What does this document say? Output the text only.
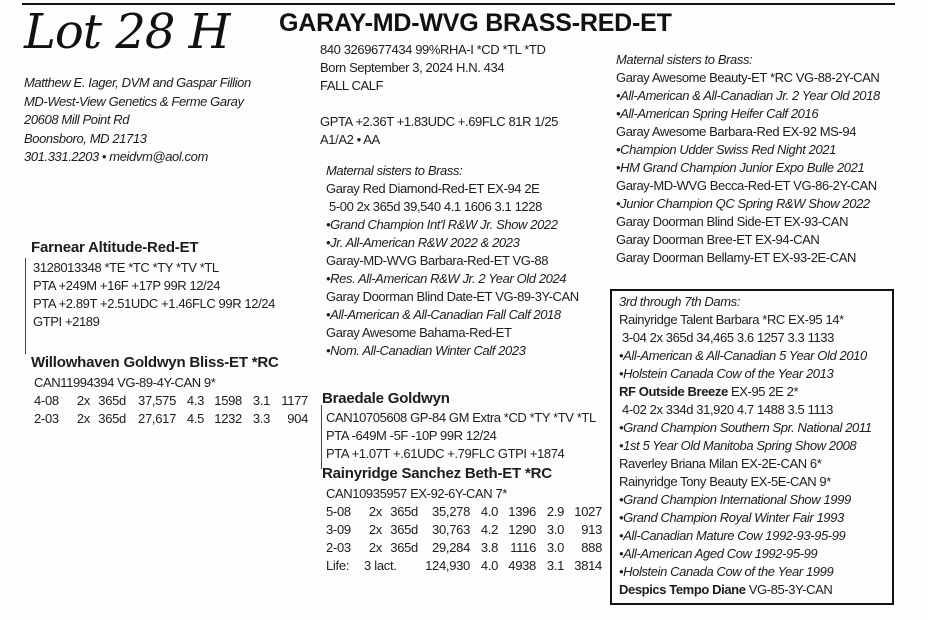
Lot 28 H GARAY-MD-WVG BRASS-RED-ET
Matthew E. Iager, DVM and Gaspar Fillion
MD-West-View Genetics & Ferme Garay
20608 Mill Point Rd
Boonsboro, MD 21713
301.331.2203 • meidvm@aol.com
840 3269677434 99%RHA-I *CD *TL *TD
Born September 3, 2024 H.N. 434
FALL CALF
GPTA +2.36T +1.83UDC +.69FLC 81R 1/25
A1/A2 • AA
Farnear Altitude-Red-ET
3128013348 *TE *TC *TY *TV *TL
PTA +249M +16F +17P 99R 12/24
PTA +2.89T +2.51UDC +1.46FLC 99R 12/24
GTPI +2189
Willowhaven Goldwyn Bliss-ET *RC
CAN11994394 VG-89-4Y-CAN 9*
4-08	2x	365d	37,575	4.3	1598	3.1	1177
2-03	2x	365d	27,617	4.5	1232	3.3	904
Maternal sisters to Brass:
Garay Red Diamond-Red-ET EX-94 2E
5-00 2x 365d 39,540 4.1 1606 3.1 1228
•Grand Champion Int'l R&W Jr. Show 2022
•Jr. All-American R&W 2022 & 2023
Garay-MD-WVG Barbara-Red-ET VG-88
•Res. All-American R&W Jr. 2 Year Old 2024
Garay Doorman Blind Date-ET VG-89-3Y-CAN
•All-American & All-Canadian Fall Calf 2018
Garay Awesome Bahama-Red-ET
•Nom. All-Canadian Winter Calf 2023
Maternal sisters to Brass:
Garay Awesome Beauty-ET *RC VG-88-2Y-CAN
•All-American & All-Canadian Jr. 2 Year Old 2018
•All-American Spring Heifer Calf 2016
Garay Awesome Barbara-Red EX-92 MS-94
•Champion Udder Swiss Red Night 2021
•HM Grand Champion Junior Expo Bulle 2021
Garay-MD-WVG Becca-Red-ET VG-86-2Y-CAN
•Junior Champion QC Spring R&W Show 2022
Garay Doorman Blind Side-ET EX-93-CAN
Garay Doorman Bree-ET EX-94-CAN
Garay Doorman Bellamy-ET EX-93-2E-CAN
Braedale Goldwyn
CAN10705608 GP-84 GM Extra *CD *TY *TV *TL
PTA -649M -5F -10P 99R 12/24
PTA +1.07T +.61UDC +.79FLC GTPI +1874
Rainyridge Sanchez Beth-ET *RC
CAN10935957 EX-92-6Y-CAN 7*
5-08	2x	365d	35,278	4.0	1396	2.9	1027
3-09	2x	365d	30,763	4.2	1290	3.0	913
2-03	2x	365d	29,284	3.8	1116	3.0	888
Life:	3 lact.		124,930	4.0	4938	3.1	3814
3rd through 7th Dams:
Rainyridge Talent Barbara *RC EX-95 14*
3-04 2x 365d 34,465 3.6 1257 3.3 1133
•All-American & All-Canadian 5 Year Old 2010
•Holstein Canada Cow of the Year 2013
RF Outside Breeze EX-95 2E 2*
4-02 2x 334d 31,920 4.7 1488 3.5 1113
•Grand Champion Southern Spr. National 2011
•1st 5 Year Old Manitoba Spring Show 2008
Raverley Briana Milan EX-2E-CAN 6*
Rainyridge Tony Beauty EX-5E-CAN 9*
•Grand Champion International Show 1999
•Grand Champion Royal Winter Fair 1993
•All-Canadian Mature Cow 1992-93-95-99
•All-American Aged Cow 1992-95-99
•Holstein Canada Cow of the Year 1999
Despics Tempo Diane VG-85-3Y-CAN
